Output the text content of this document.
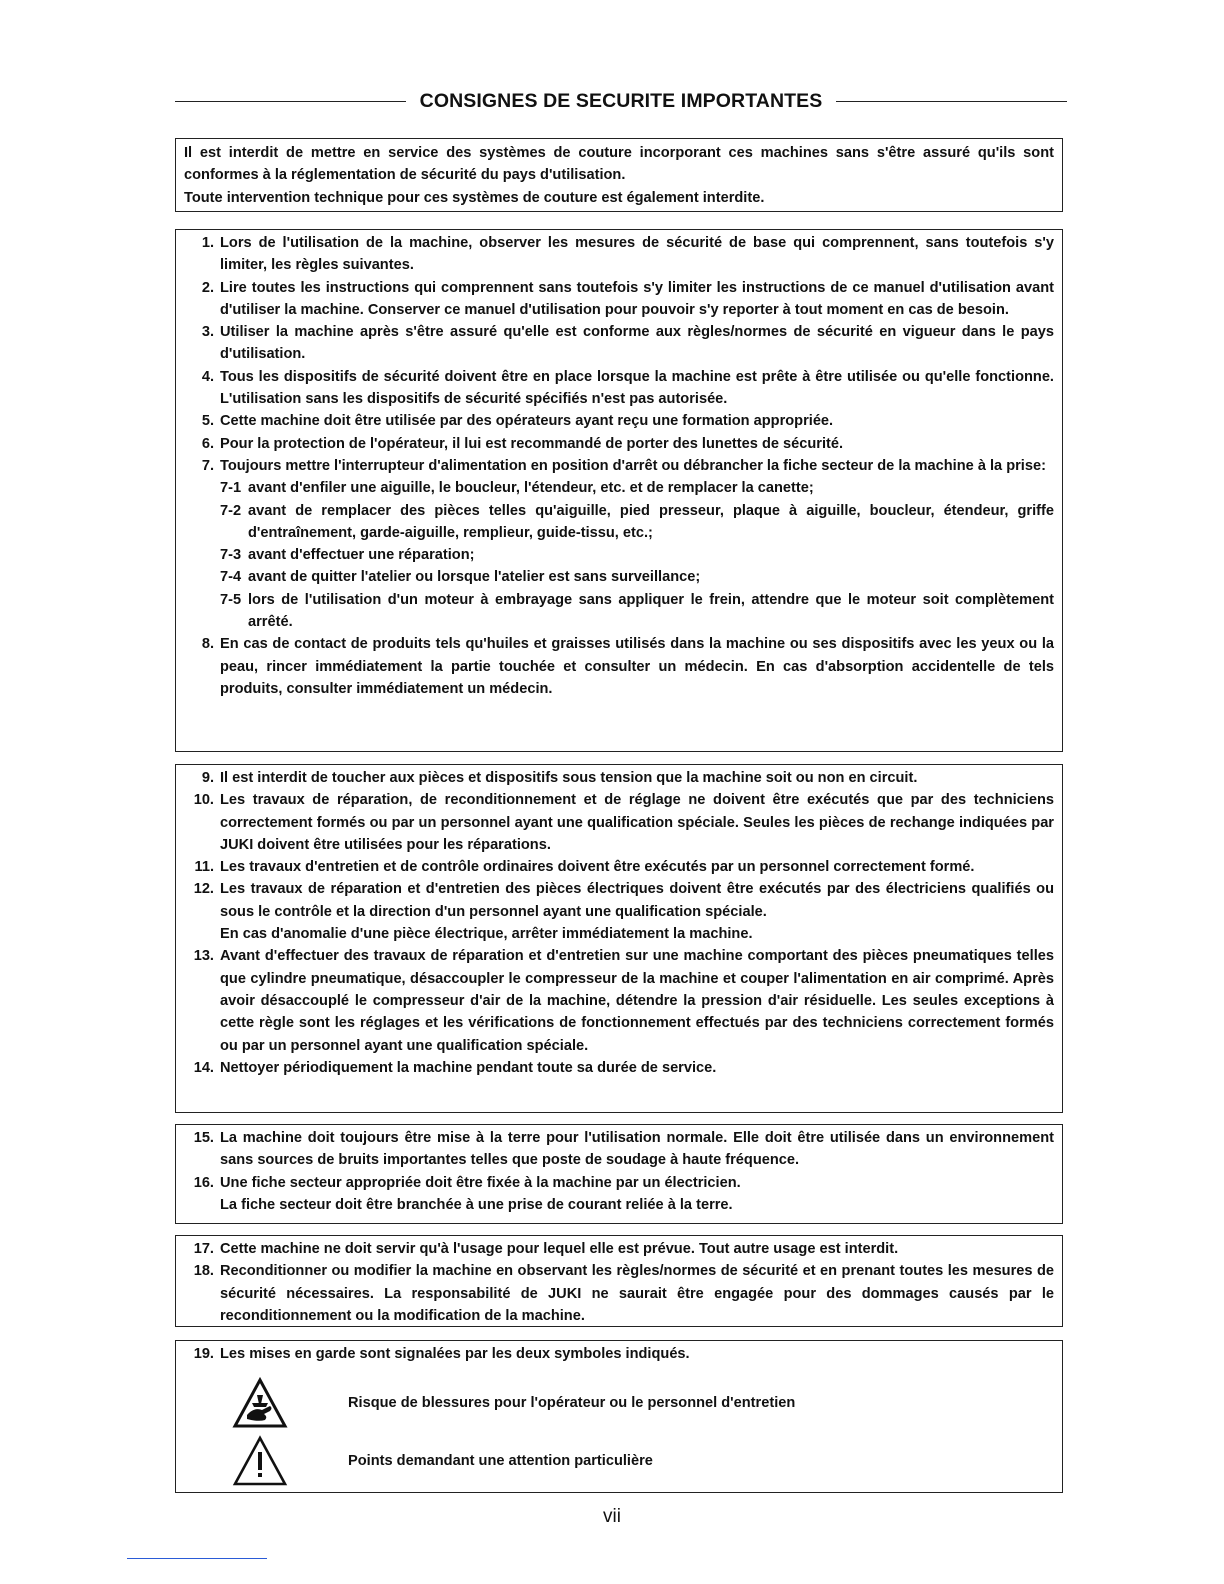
CONSIGNES DE SECURITE IMPORTANTES

Il est interdit de mettre en service des systèmes de couture incorporant ces machines sans s'être assuré qu'ils sont conformes à la réglementation de sécurité du pays d'utilisation.

Toute intervention technique pour ces systèmes de couture est également interdite.

1. Lors de l'utilisation de la machine, observer les mesures de sécurité de base qui comprennent, sans toutefois s'y limiter, les règles suivantes.
2. Lire toutes les instructions qui comprennent sans toutefois s'y limiter les instructions de ce manuel d'utilisation avant d'utiliser la machine. Conserver ce manuel d'utilisation pour pouvoir s'y reporter à tout moment en cas de besoin.
3. Utiliser la machine après s'être assuré qu'elle est conforme aux règles/normes de sécurité en vigueur dans le pays d'utilisation.
4. Tous les dispositifs de sécurité doivent être en place lorsque la machine est prête à être utilisée ou qu'elle fonctionne. L'utilisation sans les dispositifs de sécurité spécifiés n'est pas autorisée.
5. Cette machine doit être utilisée par des opérateurs ayant reçu une formation appropriée.
6. Pour la protection de l'opérateur, il lui est recommandé de porter des lunettes de sécurité.
7. Toujours mettre l'interrupteur d'alimentation en position d'arrêt ou débrancher la fiche secteur de la machine à la prise:
7-1 avant d'enfiler une aiguille, le boucleur, l'étendeur, etc. et de remplacer la canette;
7-2 avant de remplacer des pièces telles qu'aiguille, pied presseur, plaque à aiguille, boucleur, étendeur, griffe d'entraînement, garde-aiguille, remplieur, guide-tissu, etc.;
7-3 avant d'effectuer une réparation;
7-4 avant de quitter l'atelier ou lorsque l'atelier est sans surveillance;
7-5 lors de l'utilisation d'un moteur à embrayage sans appliquer le frein, attendre que le moteur soit complètement arrêté.
8. En cas de contact de produits tels qu'huiles et graisses utilisés dans la machine ou ses dispositifs avec les yeux ou la peau, rincer immédiatement la partie touchée et consulter un médecin. En cas d'absorption accidentelle de tels produits, consulter immédiatement un médecin.
9. Il est interdit de toucher aux pièces et dispositifs sous tension que la machine soit ou non en circuit.
10. Les travaux de réparation, de reconditionnement et de réglage ne doivent être exécutés que par des techniciens correctement formés ou par un personnel ayant une qualification spéciale. Seules les pièces de rechange indiquées par JUKI doivent être utilisées pour les réparations.
11. Les travaux d'entretien et de contrôle ordinaires doivent être exécutés par un personnel correctement formé.
12. Les travaux de réparation et d'entretien des pièces électriques doivent être exécutés par des électriciens qualifiés ou sous le contrôle et la direction d'un personnel ayant une qualification spéciale.
En cas d'anomalie d'une pièce électrique, arrêter immédiatement la machine.
13. Avant d'effectuer des travaux de réparation et d'entretien sur une machine comportant des pièces pneumatiques telles que cylindre pneumatique, désaccoupler le compresseur de la machine et couper l'alimentation en air comprimé. Après avoir désaccouplé le compresseur d'air de la machine, détendre la pression d'air résiduelle. Les seules exceptions à cette règle sont les réglages et les vérifications de fonctionnement effectués par des techniciens correctement formés ou par un personnel ayant une qualification spéciale.
14. Nettoyer périodiquement la machine pendant toute sa durée de service.
15. La machine doit toujours être mise à la terre pour l'utilisation normale. Elle doit être utilisée dans un environnement sans sources de bruits importantes telles que poste de soudage à haute fréquence.
16. Une fiche secteur appropriée doit être fixée à la machine par un électricien.
La fiche secteur doit être branchée à une prise de courant reliée à la terre.
17. Cette machine ne doit servir qu'à l'usage pour lequel elle est prévue. Tout autre usage est interdit.
18. Reconditionner ou modifier la machine en observant les règles/normes de sécurité et en prenant toutes les mesures de sécurité nécessaires. La responsabilité de JUKI ne saurait être engagée pour des dommages causés par le reconditionnement ou la modification de la machine.
19. Les mises en garde sont signalées par les deux symboles indiqués.
Risque de blessures pour l'opérateur ou le personnel d'entretien
Points demandant une attention particulière
vii
